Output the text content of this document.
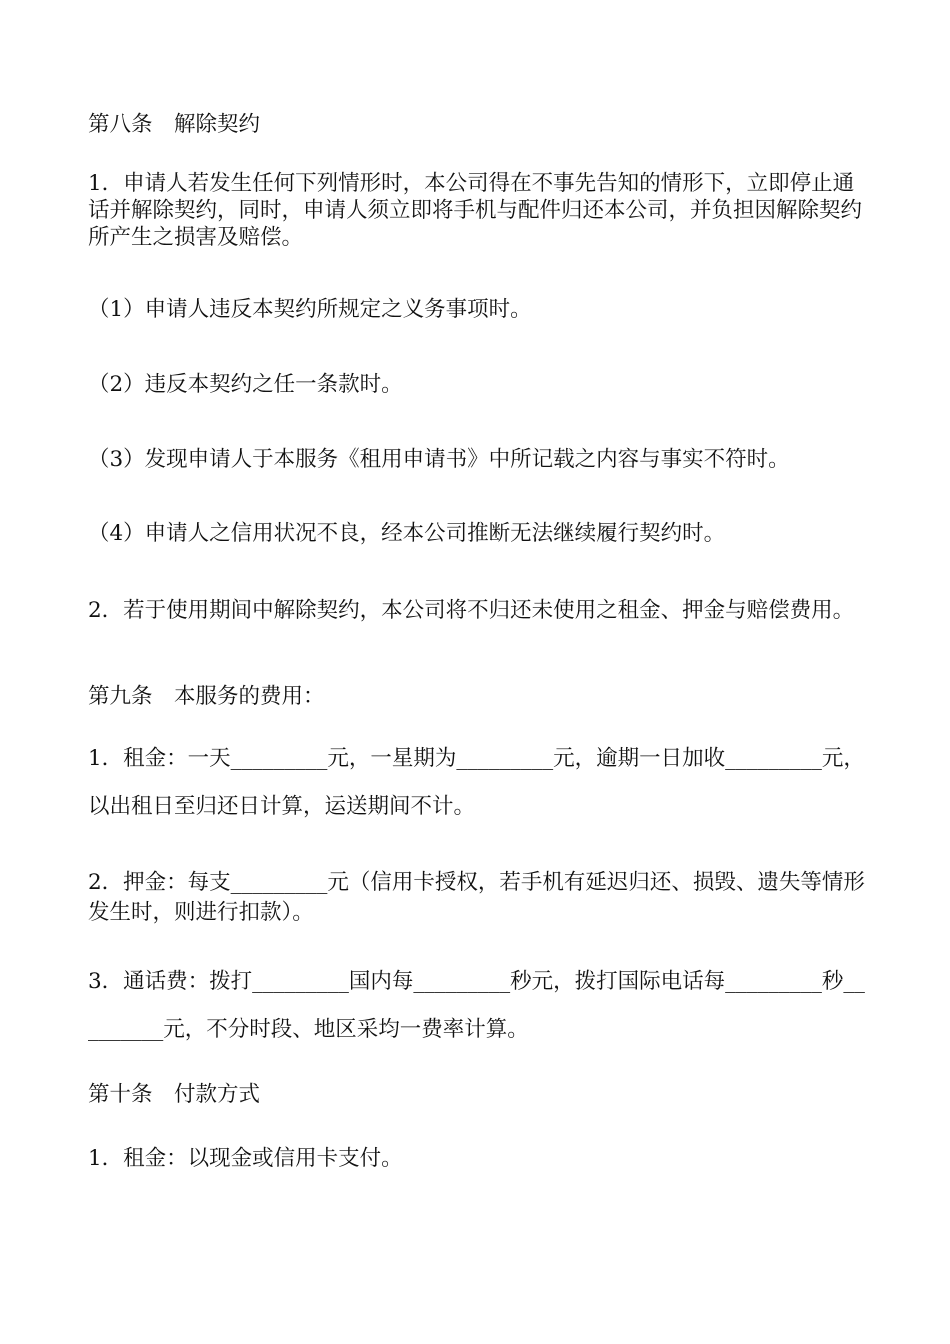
第八条　解除契约

1．申请人若发生任何下列情形时，本公司得在不事先告知的情形下，立即停止通话并解除契约，同时，申请人须立即将手机与配件归还本公司，并负担因解除契约所产生之损害及赔偿。

（1）申请人违反本契约所规定之义务事项时。

（2）违反本契约之任一条款时。

（3）发现申请人于本服务《租用申请书》中所记载之内容与事实不符时。

（4）申请人之信用状况不良，经本公司推断无法继续履行契约时。

2．若于使用期间中解除契约，本公司将不归还未使用之租金、押金与赔偿费用。

第九条　本服务的费用：

1．租金：一天_________元，一星期为_________元，逾期一日加收_________元，以出租日至归还日计算，运送期间不计。

2．押金：每支_________元（信用卡授权，若手机有延迟归还、损毁、遗失等情形发生时，则进行扣款）。

3．通话费：拨打_________国内每_________秒元，拨打国际电话每_________秒_________元，不分时段、地区采均一费率计算。

第十条　付款方式

1．租金：以现金或信用卡支付。
